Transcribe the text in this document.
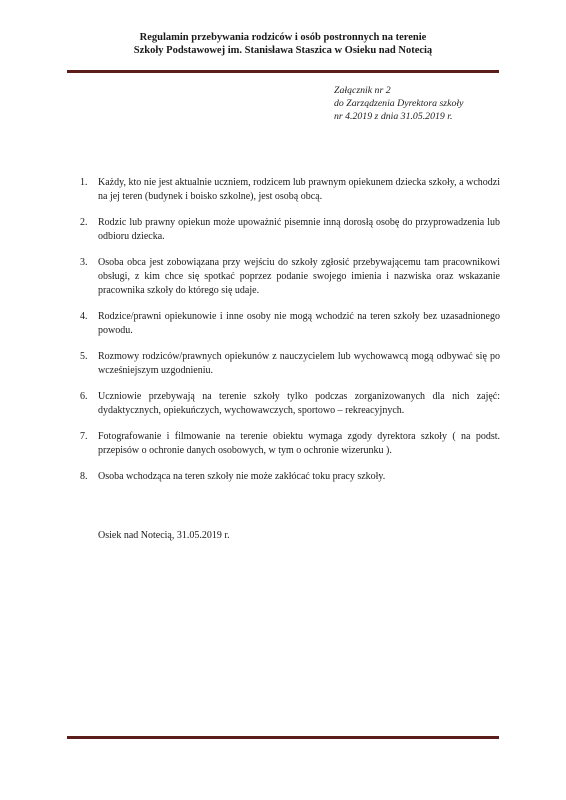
Regulamin przebywania rodziców i osób postronnych na terenie
Szkoły Podstawowej im. Stanisława Staszica w Osieku nad Notecią
Załącznik nr 2
do Zarządzenia Dyrektora szkoły
nr 4.2019 z dnia 31.05.2019 r.
1. Każdy, kto nie jest aktualnie uczniem, rodzicem lub prawnym opiekunem dziecka szkoły, a wchodzi na jej teren (budynek i boisko szkolne), jest osobą obcą.
2. Rodzic lub prawny opiekun może upoważnić pisemnie inną dorosłą osobę do przyprowadzenia lub odbioru dziecka.
3. Osoba obca jest zobowiązana przy wejściu do szkoły zgłosić przebywającemu tam pracownikowi obsługi, z kim chce się spotkać poprzez podanie swojego imienia i nazwiska oraz wskazanie pracownika szkoły do którego się udaje.
4. Rodzice/prawni opiekunowie i inne osoby nie mogą wchodzić na teren szkoły bez uzasadnionego powodu.
5. Rozmowy rodziców/prawnych opiekunów z nauczycielem lub wychowawcą mogą odbywać się po wcześniejszym uzgodnieniu.
6. Uczniowie przebywają na terenie szkoły tylko podczas zorganizowanych dla nich zajęć: dydaktycznych, opiekuńczych, wychowawczych, sportowo – rekreacyjnych.
7. Fotografowanie i filmowanie na terenie obiektu wymaga zgody dyrektora szkoły ( na podst. przepisów o ochronie danych osobowych, w tym o ochronie wizerunku ).
8. Osoba wchodząca na teren szkoły nie może zakłócać toku pracy szkoły.
Osiek nad Notecią, 31.05.2019 r.
